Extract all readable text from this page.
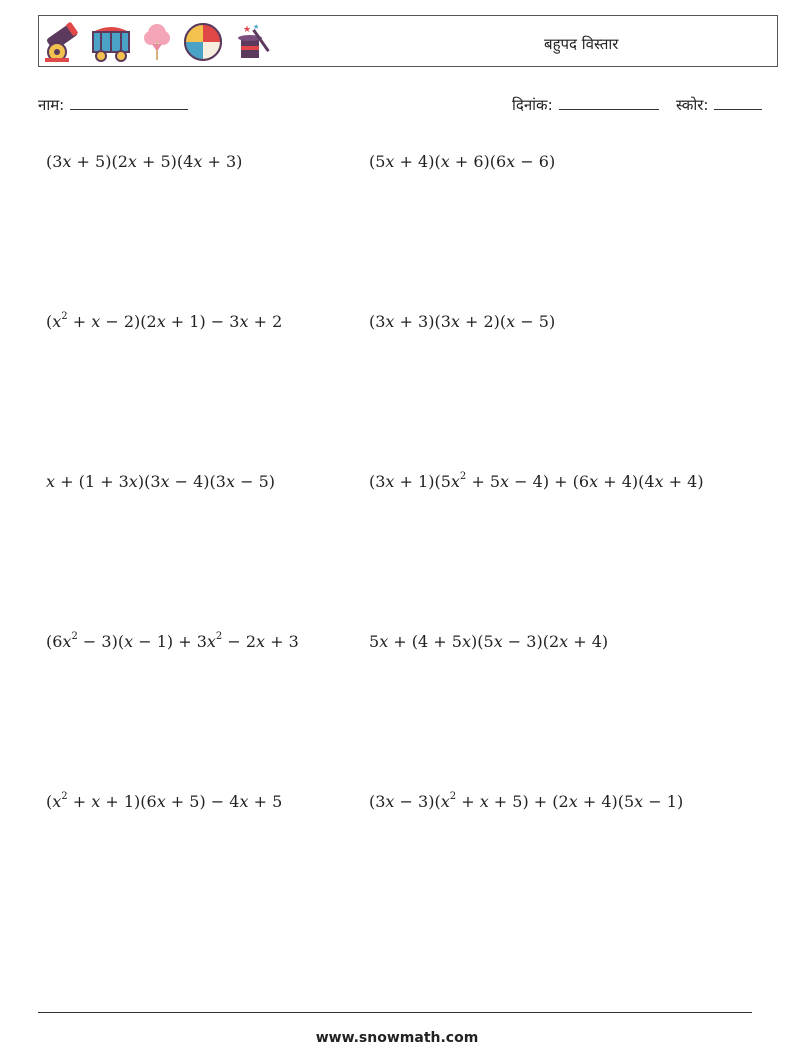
★ ★
बहुपद विस्तार
नाम:	दिनांक:	स्कोर:
(3x + 5)(2x + 5)(4x + 3)	(5x + 4)(x + 6)(6x − 6)
$(x^2 + x - 2)(2x + 1) - 3x + 2$	(3x + 3)(3x + 2)(x − 5)
x + (1 + 3x)(3x − 4)(3x − 5)	$(3x + 1)(5x^2 + 5x - 4) + (6x + 4)(4x + 4)$
$(6x^2 - 3)(x - 1) + 3x^2 - 2x + 3$	5x + (4 + 5x)(5x − 3)(2x + 4)
$(x^2 + x + 1)(6x + 5) - 4x + 5$	$(3x - 3)(x^2 + x + 5) + (2x + 4)(5x - 1)$
www.snowmath.com
